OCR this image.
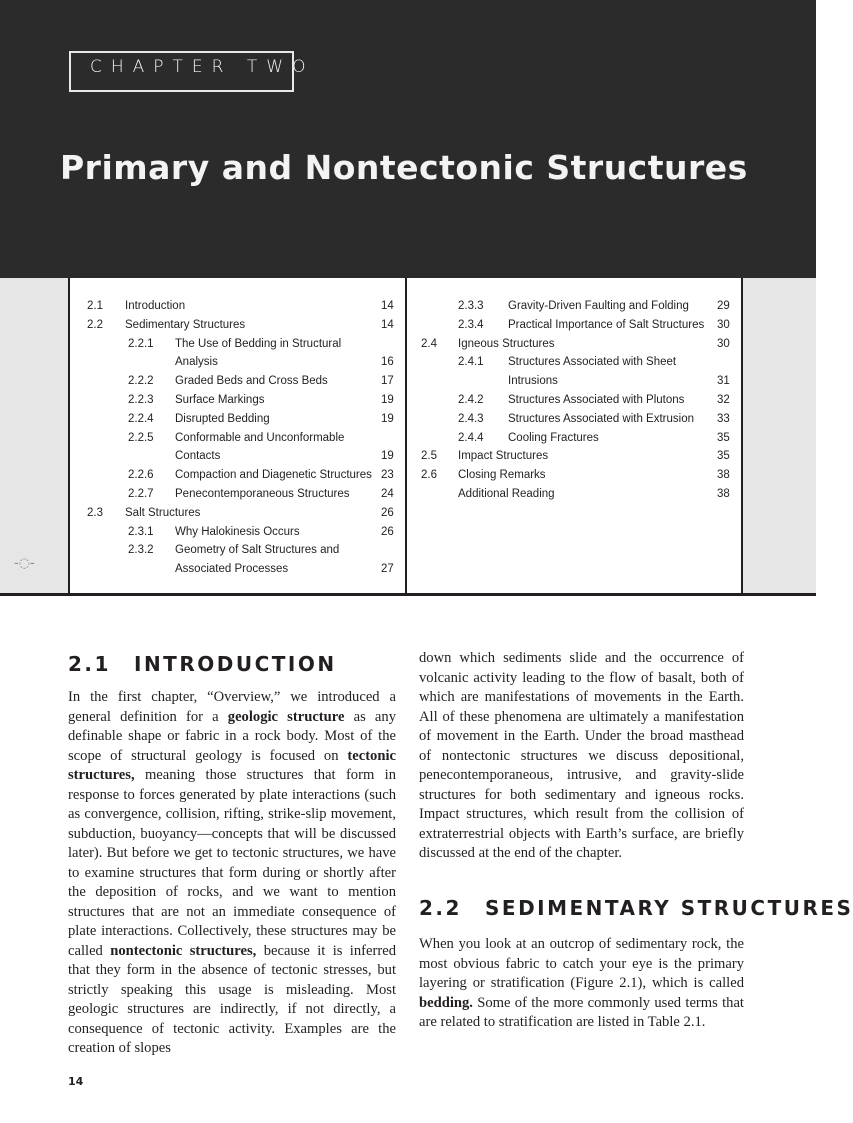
CHAPTER TWO
Primary and Nontectonic Structures
-◌-
2.1 INTRODUCTION

In the first chapter, “Overview,” we introduced a general definition for a geologic structure as any definable shape or fabric in a rock body. Most of the scope of structural geology is focused on tectonic structures, meaning those structures that form in response to forces generated by plate interactions (such as convergence, collision, rifting, strike-slip movement, subduction, buoyancy—concepts that will be discussed later). But before we get to tectonic structures, we have to examine structures that form during or shortly after the deposition of rocks, and we want to mention structures that are not an immediate consequence of plate interactions. Collectively, these structures may be called nontectonic structures, because it is inferred that they form in the absence of tectonic stresses, but strictly speaking this usage is misleading. Most geologic structures are indirectly, if not directly, a consequence of tectonic activity. Examples are the creation of slopes

down which sediments slide and the occurrence of volcanic activity leading to the flow of basalt, both of which are manifestations of movements in the Earth. All of these phenomena are ultimately a manifestation of movement in the Earth. Under the broad masthead of nontectonic structures we discuss depositional, penecontemporaneous, intrusive, and gravity-slide structures for both sedimentary and igneous rocks. Impact structures, which result from the collision of extraterrestrial objects with Earth’s surface, are briefly discussed at the end of the chapter.

2.2 SEDIMENTARY STRUCTURES

When you look at an outcrop of sedimentary rock, the most obvious fabric to catch your eye is the primary layering or stratification (Figure 2.1), which is called bedding. Some of the more commonly used terms that are related to stratification are listed in Table 2.1.

14
2.1 Introduction	14
2.2 Sedimentary Structures	14
2.2.1 The Use of Bedding in Structural
Analysis	16
2.2.2 Graded Beds and Cross Beds	17
2.2.3 Surface Markings	19
2.2.4 Disrupted Bedding	19
2.2.5 Conformable and Unconformable
Contacts	19
2.2.6 Compaction and Diagenetic Structures 23
2.2.7 Penecontemporaneous Structures	24
2.3 Salt Structures	26
2.3.1 Why Halokinesis Occurs	26
2.3.2 Geometry of Salt Structures and
Associated Processes	27
2.3.3 Gravity-Driven Faulting and Folding 29
2.3.4 Practical Importance of Salt Structures 30
2.4 Igneous Structures	30
2.4.1 Structures Associated with Sheet
Intrusions	31
2.4.2 Structures Associated with Plutons	32
2.4.3 Structures Associated with Extrusion 33
2.4.4 Cooling Fractures	35
2.5 Impact Structures	35
2.6 Closing Remarks	38
Additional Reading	38
